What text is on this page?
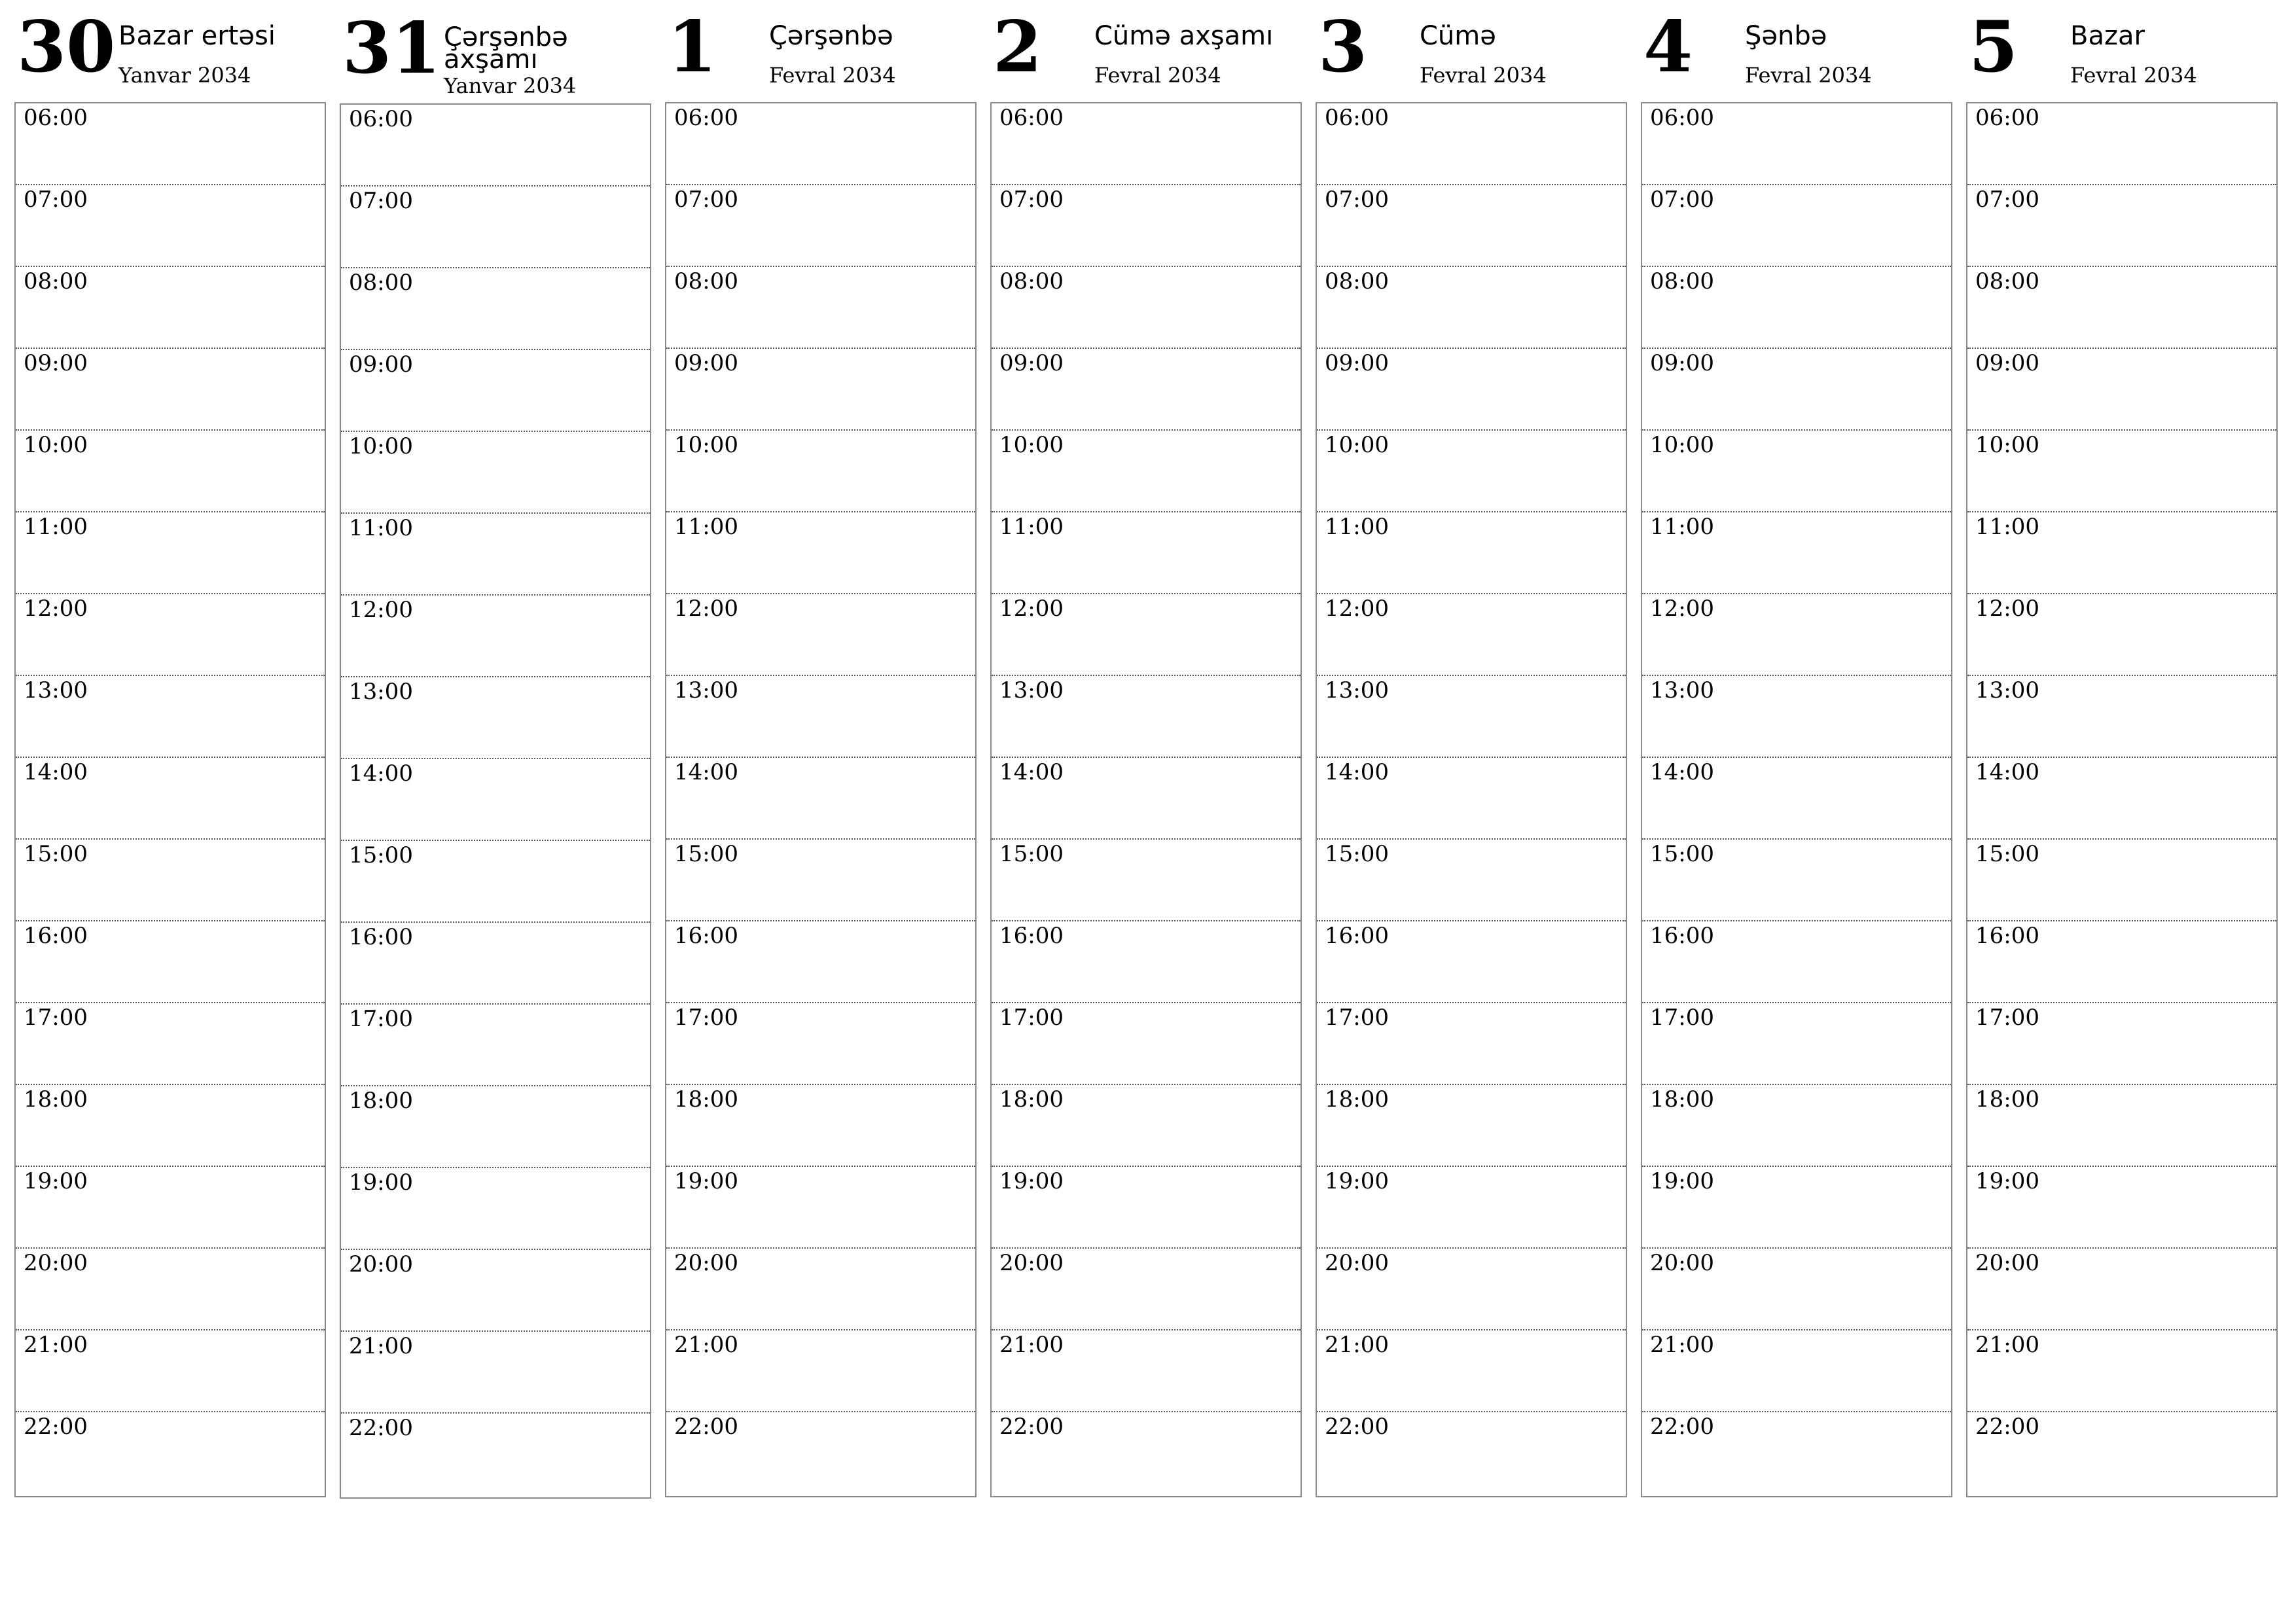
30 Bazar ertəsi
Yanvar 2034
06:00
07:00
08:00
09:00
10:00
11:00
12:00
13:00
14:00
15:00
16:00
17:00
18:00
19:00
20:00
21:00
22:00
31 Çərşənbə axşamı
Yanvar 2034
06:00
07:00
08:00
09:00
10:00
11:00
12:00
13:00
14:00
15:00
16:00
17:00
18:00
19:00
20:00
21:00
22:00
1 Çərşənbə
Fevral 2034
06:00
07:00
08:00
09:00
10:00
11:00
12:00
13:00
14:00
15:00
16:00
17:00
18:00
19:00
20:00
21:00
22:00
2 Cümə axşamı
Fevral 2034
06:00
07:00
08:00
09:00
10:00
11:00
12:00
13:00
14:00
15:00
16:00
17:00
18:00
19:00
20:00
21:00
22:00
3 Cümə
Fevral 2034
06:00
07:00
08:00
09:00
10:00
11:00
12:00
13:00
14:00
15:00
16:00
17:00
18:00
19:00
20:00
21:00
22:00
4 Şənbə
Fevral 2034
06:00
07:00
08:00
09:00
10:00
11:00
12:00
13:00
14:00
15:00
16:00
17:00
18:00
19:00
20:00
21:00
22:00
5 Bazar
Fevral 2034
06:00
07:00
08:00
09:00
10:00
11:00
12:00
13:00
14:00
15:00
16:00
17:00
18:00
19:00
20:00
21:00
22:00
